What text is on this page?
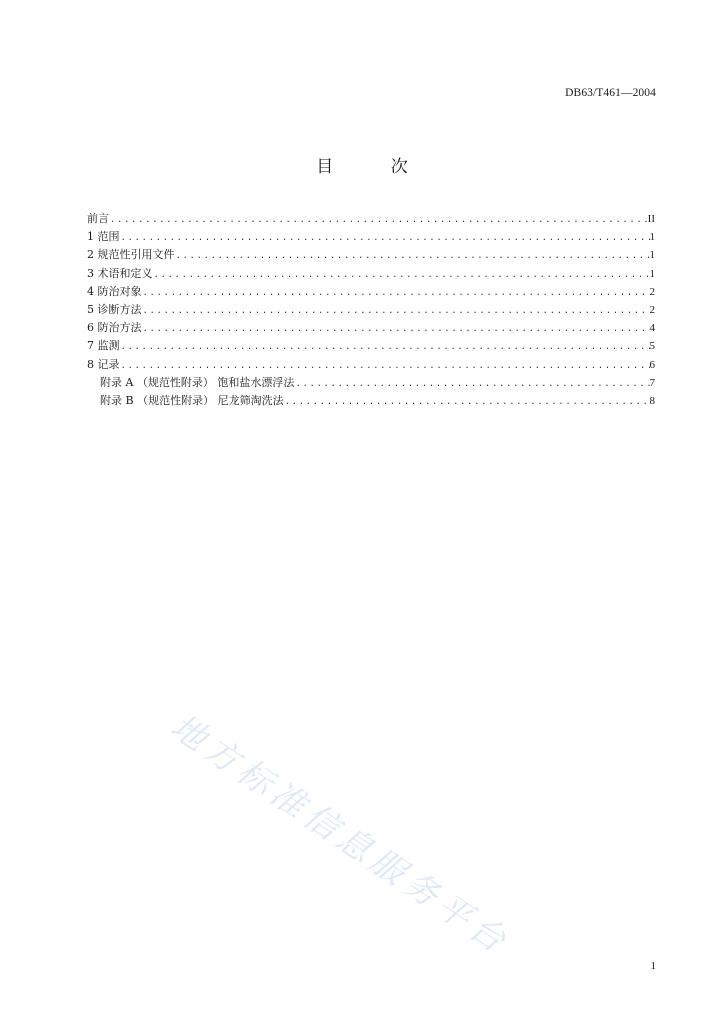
DB63/T461—2004
目 次
前言 .....	II
1 范围 .....	1
2 规范性引用文件 .....	1
3 术语和定义 .....	1
4 防治对象 .....	2
5 诊断方法 .....	2
6 防治方法 .....	4
7 监测 .....	5
8 记录 .....	6
附录 A （规范性附录） 饱和盐水漂浮法 .....	7
附录 B （规范性附录） 尼龙筛淘洗法 .....	8
地方标准信息服务平台
1
